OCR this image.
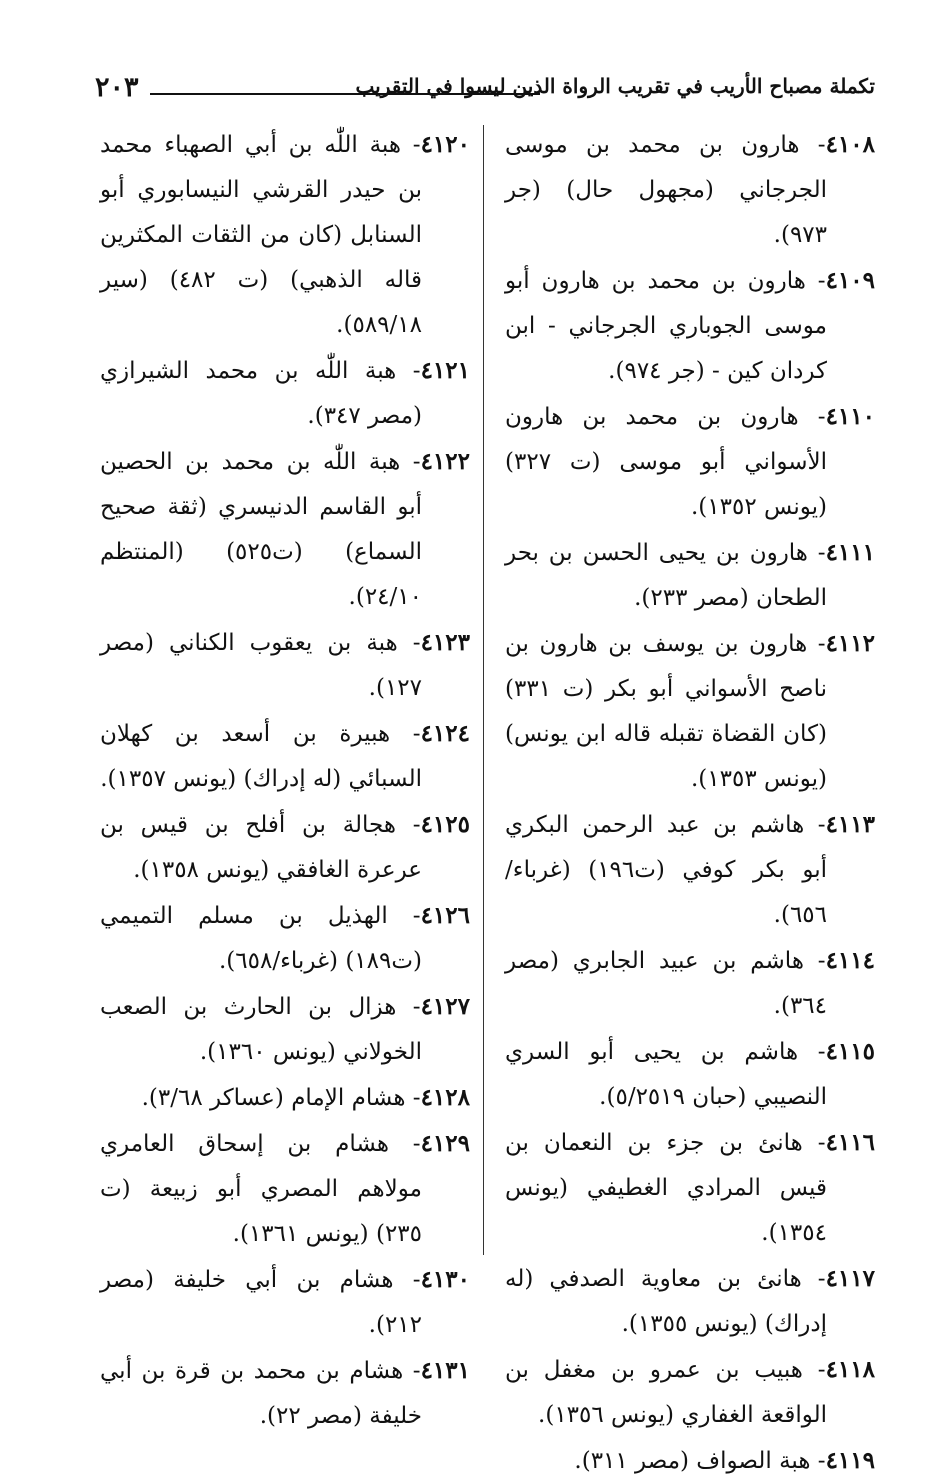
٢٠٣	تكملة مصباح الأريب في تقريب الرواة الذين ليسوا في التقريب

٤١٠٨- هارون بن محمد بن موسى الجرجاني (مجهول حال) (جر ٩٧٣).

٤١٠٩- هارون بن محمد بن هارون أبو موسى الجوباري الجرجاني - ابن كردان كين - (جر ٩٧٤).

٤١١٠- هارون بن محمد بن هارون الأسواني أبو موسى (ت ٣٢٧) (يونس ١٣٥٢).

٤١١١- هارون بن يحيى الحسن بن بحر الطحان (مصر ٢٣٣).

٤١١٢- هارون بن يوسف بن هارون بن ناصح الأسواني أبو بكر (ت ٣٣١) (كان القضاة تقبله قاله ابن يونس) (يونس ١٣٥٣).

٤١١٣- هاشم بن عبد الرحمن البكري أبو بكر كوفي (ت١٩٦) (غرباء/٦٥٦).

٤١١٤- هاشم بن عبيد الجابري (مصر ٣٦٤).

٤١١٥- هاشم بن يحيى أبو السري النصيبي (حبان ٥/٢٥١٩).

٤١١٦- هانئ بن جزء بن النعمان بن قيس المرادي الغطيفي (يونس ١٣٥٤).

٤١١٧- هانئ بن معاوية الصدفي (له إدراك) (يونس ١٣٥٥).

٤١١٨- هبيب بن عمرو بن مغفل بن الواقعة الغفاري (يونس ١٣٥٦).

٤١١٩- هبة الصواف (مصر ٣١١).

٤١٢٠- هبة اللّٰه بن أبي الصهباء محمد بن حيدر القرشي النيسابوري أبو السنابل (كان من الثقات المكثرين قاله الذهبي) (ت ٤٨٢) (سير ٥٨٩/١٨).

٤١٢١- هبة اللّٰه بن محمد الشيرازي (مصر ٣٤٧).

٤١٢٢- هبة اللّٰه بن محمد بن الحصين أبو القاسم الدنيسري (ثقة صحيح السماع) (ت٥٢٥) (المنتظم ٢٤/١٠).

٤١٢٣- هبة بن يعقوب الكناني (مصر ١٢٧).

٤١٢٤- هبيرة بن أسعد بن كهلان السبائي (له إدراك) (يونس ١٣٥٧).

٤١٢٥- هجالة بن أفلح بن قيس بن عرعرة الغافقي (يونس ١٣٥٨).

٤١٢٦- الهذيل بن مسلم التميمي (ت١٨٩) (غرباء/٦٥٨).

٤١٢٧- هزال بن الحارث بن الصعب الخولاني (يونس ١٣٦٠).

٤١٢٨- هشام الإمام (عساكر ٣/٦٨).

٤١٢٩- هشام بن إسحاق العامري مولاهم المصري أبو زبيعة (ت ٢٣٥) (يونس ١٣٦١).

٤١٣٠- هشام بن أبي خليفة (مصر ٢١٢).

٤١٣١- هشام بن محمد بن قرة بن أبي خليفة (مصر ٢٢).
